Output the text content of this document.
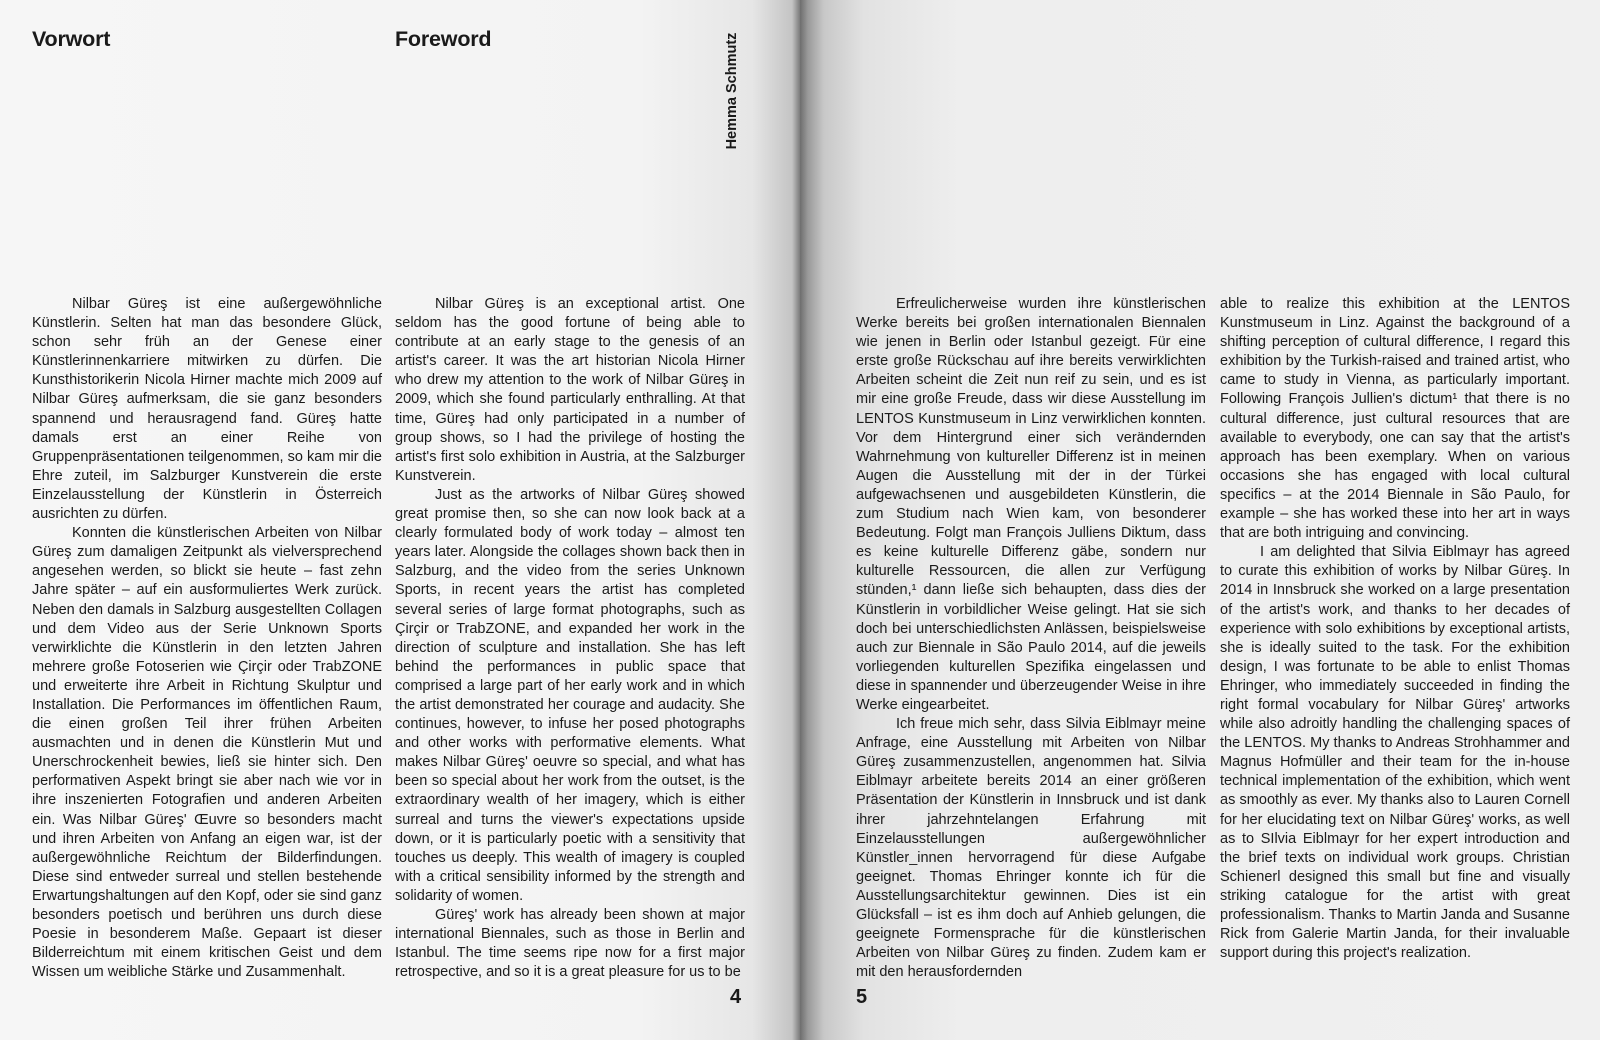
Vorwort	Foreword	Hemma Schmutz

Nilbar Güreş ist eine außergewöhnliche Künstlerin. Selten hat man das besondere Glück, schon sehr früh an der Genese einer Künstlerinnenkarriere mitwirken zu dürfen. Die Kunsthistorikerin Nicola Hirner machte mich 2009 auf Nilbar Güreş aufmerksam, die sie ganz besonders spannend und herausragend fand. Güreş hatte damals erst an einer Reihe von Gruppenpräsentationen teilgenommen, so kam mir die Ehre zuteil, im Salzburger Kunstverein die erste Einzelausstellung der Künstlerin in Österreich ausrichten zu dürfen.

Konnten die künstlerischen Arbeiten von Nilbar Güreş zum damaligen Zeitpunkt als vielversprechend angesehen werden, so blickt sie heute – fast zehn Jahre später – auf ein ausformuliertes Werk zurück. Neben den damals in Salzburg ausgestellten Collagen und dem Video aus der Serie Unknown Sports verwirklichte die Künstlerin in den letzten Jahren mehrere große Fotoserien wie Çirçir oder TrabZONE und erweiterte ihre Arbeit in Richtung Skulptur und Installation. Die Performances im öffentlichen Raum, die einen großen Teil ihrer frühen Arbeiten ausmachten und in denen die Künstlerin Mut und Unerschrockenheit bewies, ließ sie hinter sich. Den performativen Aspekt bringt sie aber nach wie vor in ihre inszenierten Fotografien und anderen Arbeiten ein. Was Nilbar Güreş' Œuvre so besonders macht und ihren Arbeiten von Anfang an eigen war, ist der außergewöhnliche Reichtum der Bilderfindungen. Diese sind entweder surreal und stellen bestehende Erwartungshaltungen auf den Kopf, oder sie sind ganz besonders poetisch und berühren uns durch diese Poesie in besonderem Maße. Gepaart ist dieser Bilderreichtum mit einem kritischen Geist und dem Wissen um weibliche Stärke und Zusammenhalt.

Nilbar Güreş is an exceptional artist. One seldom has the good fortune of being able to contribute at an early stage to the genesis of an artist's career. It was the art historian Nicola Hirner who drew my attention to the work of Nilbar Güreş in 2009, which she found particularly enthralling. At that time, Güreş had only participated in a number of group shows, so I had the privilege of hosting the artist's first solo exhibition in Austria, at the Salzburger Kunstverein.

Just as the artworks of Nilbar Güreş showed great promise then, so she can now look back at a clearly formulated body of work today – almost ten years later. Alongside the collages shown back then in Salzburg, and the video from the series Unknown Sports, in recent years the artist has completed several series of large format photographs, such as Çirçir or TrabZONE, and expanded her work in the direction of sculpture and installation. She has left behind the performances in public space that comprised a large part of her early work and in which the artist demonstrated her courage and audacity. She continues, however, to infuse her posed photographs and other works with performative elements. What makes Nilbar Güreş' oeuvre so special, and what has been so special about her work from the outset, is the extraordinary wealth of her imagery, which is either surreal and turns the viewer's expectations upside down, or it is particularly poetic with a sensitivity that touches us deeply. This wealth of imagery is coupled with a critical sensibility informed by the strength and solidarity of women.

Güreş' work has already been shown at major international Biennales, such as those in Berlin and Istanbul. The time seems ripe now for a first major retrospective, and so it is a great pleasure for us to be

4

Erfreulicherweise wurden ihre künstlerischen Werke bereits bei großen internationalen Biennalen wie jenen in Berlin oder Istanbul gezeigt. Für eine erste große Rückschau auf ihre bereits verwirklichten Arbeiten scheint die Zeit nun reif zu sein, und es ist mir eine große Freude, dass wir diese Ausstellung im LENTOS Kunstmuseum in Linz verwirklichen konnten. Vor dem Hintergrund einer sich verändernden Wahrnehmung von kultureller Differenz ist in meinen Augen die Ausstellung mit der in der Türkei aufgewachsenen und ausgebildeten Künstlerin, die zum Studium nach Wien kam, von besonderer Bedeutung. Folgt man François Julliens Diktum, dass es keine kulturelle Differenz gäbe, sondern nur kulturelle Ressourcen, die allen zur Verfügung stünden,¹ dann ließe sich behaupten, dass dies der Künstlerin in vorbildlicher Weise gelingt. Hat sie sich doch bei unterschiedlichsten Anlässen, beispielsweise auch zur Biennale in São Paulo 2014, auf die jeweils vorliegenden kulturellen Spezifika eingelassen und diese in spannender und überzeugender Weise in ihre Werke eingearbeitet.

Ich freue mich sehr, dass Silvia Eiblmayr meine Anfrage, eine Ausstellung mit Arbeiten von Nilbar Güreş zusammenzustellen, angenommen hat. Silvia Eiblmayr arbeitete bereits 2014 an einer größeren Präsentation der Künstlerin in Innsbruck und ist dank ihrer jahrzehntelangen Erfahrung mit Einzelausstellungen außergewöhnlicher Künstler_innen hervorragend für diese Aufgabe geeignet. Thomas Ehringer konnte ich für die Ausstellungsarchitektur gewinnen. Dies ist ein Glücksfall – ist es ihm doch auf Anhieb gelungen, die geeignete Formensprache für die künstlerischen Arbeiten von Nilbar Güreş zu finden. Zudem kam er mit den herausfordernden

able to realize this exhibition at the LENTOS Kunstmuseum in Linz. Against the background of a shifting perception of cultural difference, I regard this exhibition by the Turkish-raised and trained artist, who came to study in Vienna, as particularly important. Following François Jullien's dictum¹ that there is no cultural difference, just cultural resources that are available to everybody, one can say that the artist's approach has been exemplary. When on various occasions she has engaged with local cultural specifics – at the 2014 Biennale in São Paulo, for example – she has worked these into her art in ways that are both intriguing and convincing.

I am delighted that Silvia Eiblmayr has agreed to curate this exhibition of works by Nilbar Güreş. In 2014 in Innsbruck she worked on a large presentation of the artist's work, and thanks to her decades of experience with solo exhibitions by exceptional artists, she is ideally suited to the task. For the exhibition design, I was fortunate to be able to enlist Thomas Ehringer, who immediately succeeded in finding the right formal vocabulary for Nilbar Güreş' artworks while also adroitly handling the challenging spaces of the LENTOS. My thanks to Andreas Strohhammer and Magnus Hofmüller and their team for the in-house technical implementation of the exhibition, which went as smoothly as ever. My thanks also to Lauren Cornell for her elucidating text on Nilbar Güreş' works, as well as to SIlvia Eiblmayr for her expert introduction and the brief texts on individual work groups. Christian Schienerl designed this small but fine and visually striking catalogue for the artist with great professionalism. Thanks to Martin Janda and Susanne Rick from Galerie Martin Janda, for their invaluable support during this project's realization.

5
